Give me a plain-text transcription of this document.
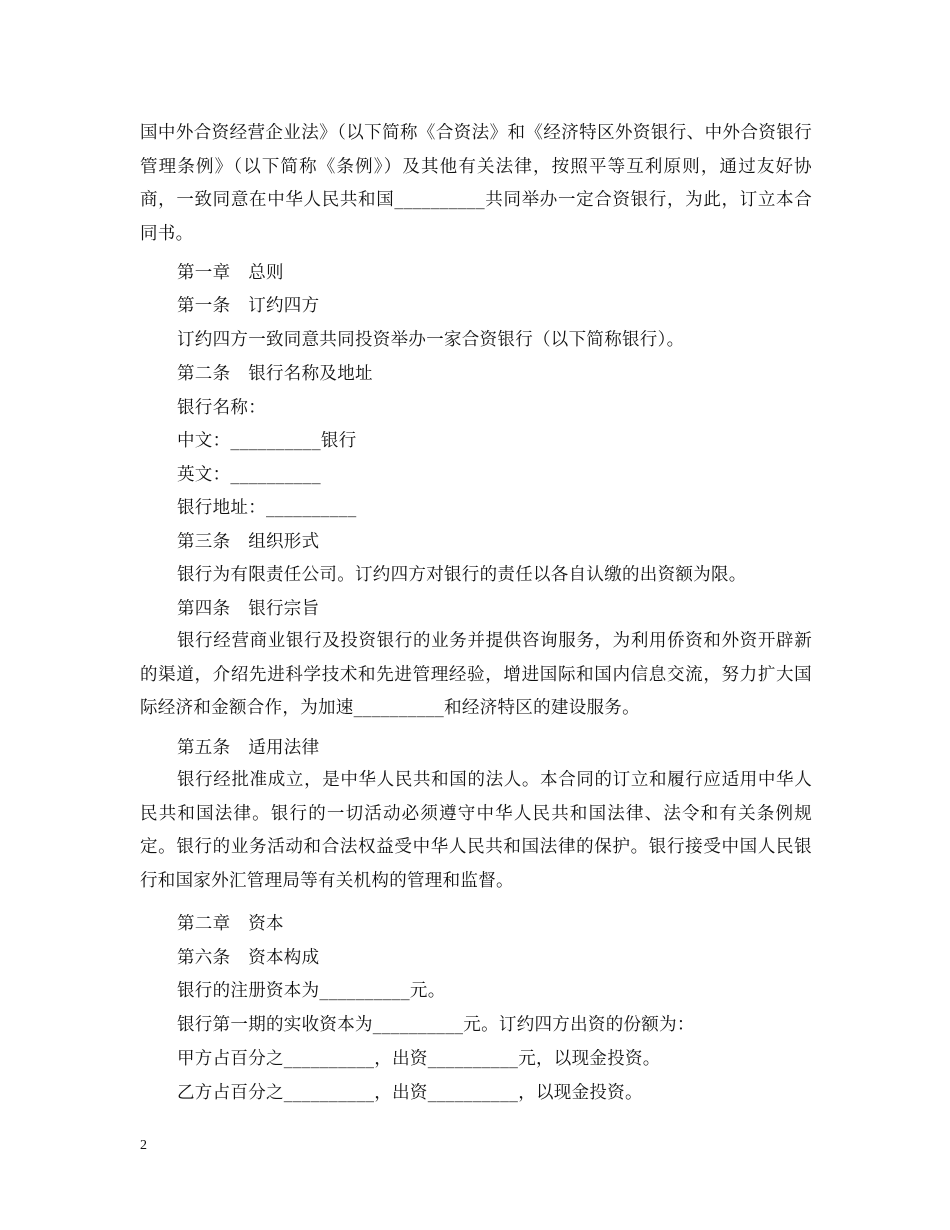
国中外合资经营企业法》（以下简称《合资法》和《经济特区外资银行、中外合资银行管理条例》（以下简称《条例》）及其他有关法律，按照平等互利原则，通过友好协商，一致同意在中华人民共和国__________共同举办一定合资银行，为此，订立本合同书。

第一章　总则
第一条　订约四方
订约四方一致同意共同投资举办一家合资银行（以下简称银行）。
第二条　银行名称及地址
银行名称：
中文：__________银行
英文：__________
银行地址：__________
第三条　组织形式
银行为有限责任公司。订约四方对银行的责任以各自认缴的出资额为限。
第四条　银行宗旨

银行经营商业银行及投资银行的业务并提供咨询服务，为利用侨资和外资开辟新的渠道，介绍先进科学技术和先进管理经验，增进国际和国内信息交流，努力扩大国际经济和金额合作，为加速__________和经济特区的建设服务。

第五条　适用法律

银行经批准成立，是中华人民共和国的法人。本合同的订立和履行应适用中华人民共和国法律。银行的一切活动必须遵守中华人民共和国法律、法令和有关条例规定。银行的业务活动和合法权益受中华人民共和国法律的保护。银行接受中国人民银行和国家外汇管理局等有关机构的管理和监督。

第二章　资本
第六条　资本构成
银行的注册资本为__________元。
银行第一期的实收资本为__________元。订约四方出资的份额为：
甲方占百分之__________，出资__________元，以现金投资。
乙方占百分之__________，出资__________，以现金投资。
2
